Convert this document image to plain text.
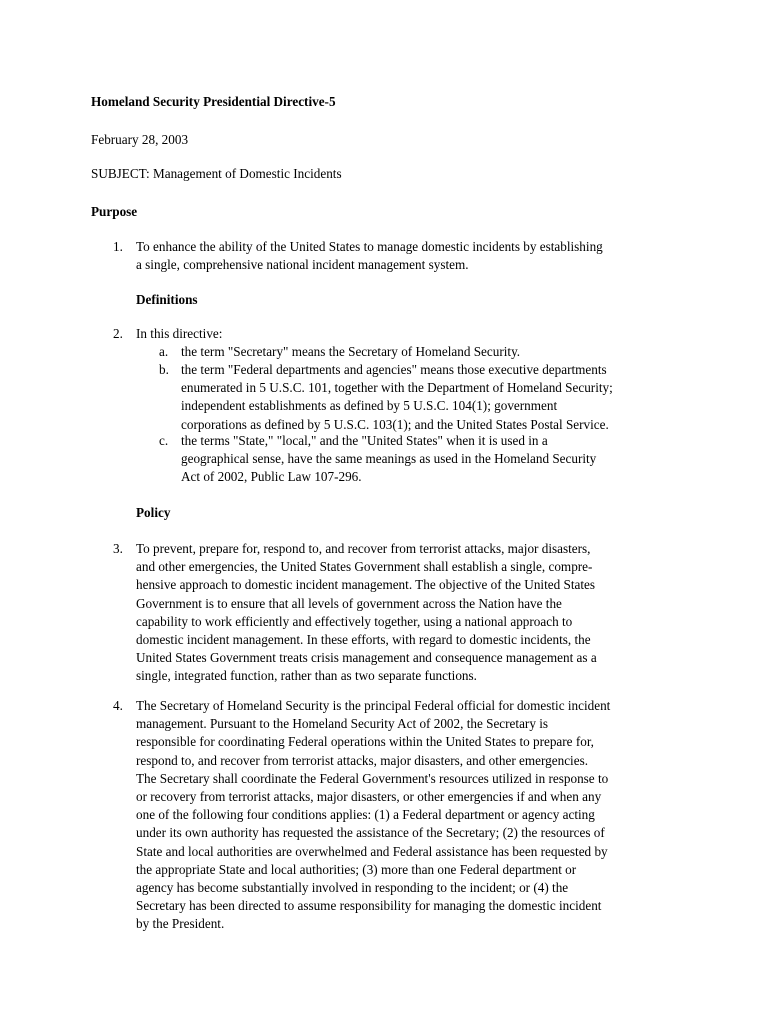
Homeland Security Presidential Directive-5
February 28, 2003
SUBJECT: Management of Domestic Incidents
Purpose
1. To enhance the ability of the United States to manage domestic incidents by establishing
a single, comprehensive national incident management system.
Definitions
2. In this directive:
a. the term "Secretary" means the Secretary of Homeland Security.
b. the term "Federal departments and agencies" means those executive departments
enumerated in 5 U.S.C. 101, together with the Department of Homeland Security;
independent establishments as defined by 5 U.S.C. 104(1); government
corporations as defined by 5 U.S.C. 103(1); and the United States Postal Service.
c. the terms "State," "local," and the "United States" when it is used in a
geographical sense, have the same meanings as used in the Homeland Security
Act of 2002, Public Law 107-296.
Policy
3. To prevent, prepare for, respond to, and recover from terrorist attacks, major disasters,
and other emergencies, the United States Government shall establish a single, compre-
hensive approach to domestic incident management. The objective of the United States
Government is to ensure that all levels of government across the Nation have the
capability to work efficiently and effectively together, using a national approach to
domestic incident management. In these efforts, with regard to domestic incidents, the
United States Government treats crisis management and consequence management as a
single, integrated function, rather than as two separate functions.
4. The Secretary of Homeland Security is the principal Federal official for domestic incident
management. Pursuant to the Homeland Security Act of 2002, the Secretary is
responsible for coordinating Federal operations within the United States to prepare for,
respond to, and recover from terrorist attacks, major disasters, and other emergencies.
The Secretary shall coordinate the Federal Government's resources utilized in response to
or recovery from terrorist attacks, major disasters, or other emergencies if and when any
one of the following four conditions applies: (1) a Federal department or agency acting
under its own authority has requested the assistance of the Secretary; (2) the resources of
State and local authorities are overwhelmed and Federal assistance has been requested by
the appropriate State and local authorities; (3) more than one Federal department or
agency has become substantially involved in responding to the incident; or (4) the
Secretary has been directed to assume responsibility for managing the domestic incident
by the President.
